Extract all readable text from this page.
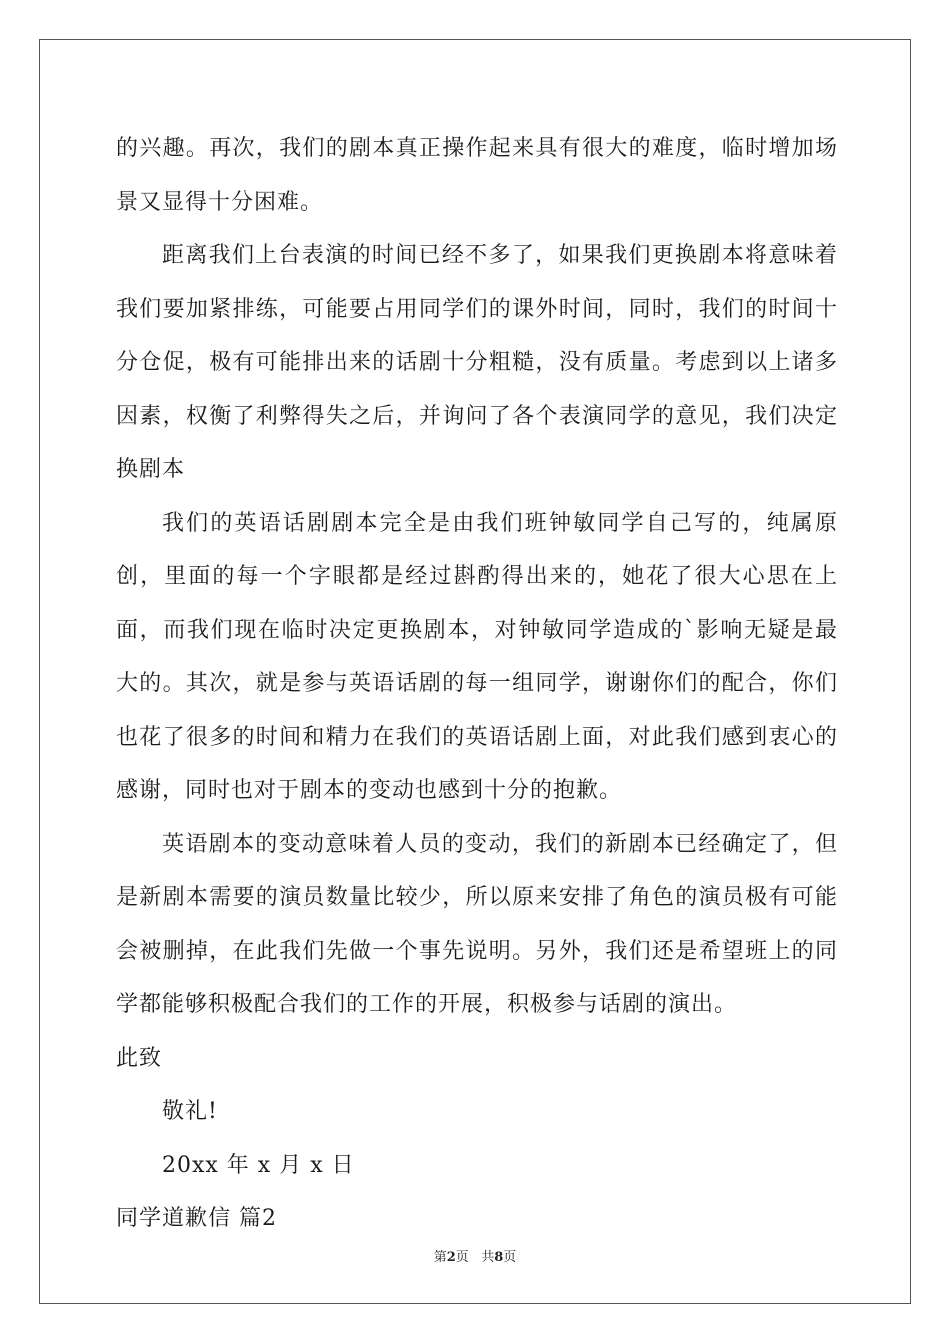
的兴趣。再次，我们的剧本真正操作起来具有很大的难度，临时增加场景又显得十分困难。

距离我们上台表演的时间已经不多了，如果我们更换剧本将意味着我们要加紧排练，可能要占用同学们的课外时间，同时，我们的时间十分仓促，极有可能排出来的话剧十分粗糙，没有质量。考虑到以上诸多因素，权衡了利弊得失之后，并询问了各个表演同学的意见，我们决定换剧本

我们的英语话剧剧本完全是由我们班钟敏同学自己写的，纯属原创，里面的每一个字眼都是经过斟酌得出来的，她花了很大心思在上面，而我们现在临时决定更换剧本，对钟敏同学造成的`影响无疑是最大的。其次，就是参与英语话剧的每一组同学，谢谢你们的配合，你们也花了很多的时间和精力在我们的英语话剧上面，对此我们感到衷心的感谢，同时也对于剧本的变动也感到十分的抱歉。

英语剧本的变动意味着人员的变动，我们的新剧本已经确定了，但是新剧本需要的演员数量比较少，所以原来安排了角色的演员极有可能会被删掉，在此我们先做一个事先说明。另外，我们还是希望班上的同学都能够积极配合我们的工作的开展，积极参与话剧的演出。

此致

敬礼!

20xx 年 x 月 x 日

同学道歉信 篇2

第2页 共8页
